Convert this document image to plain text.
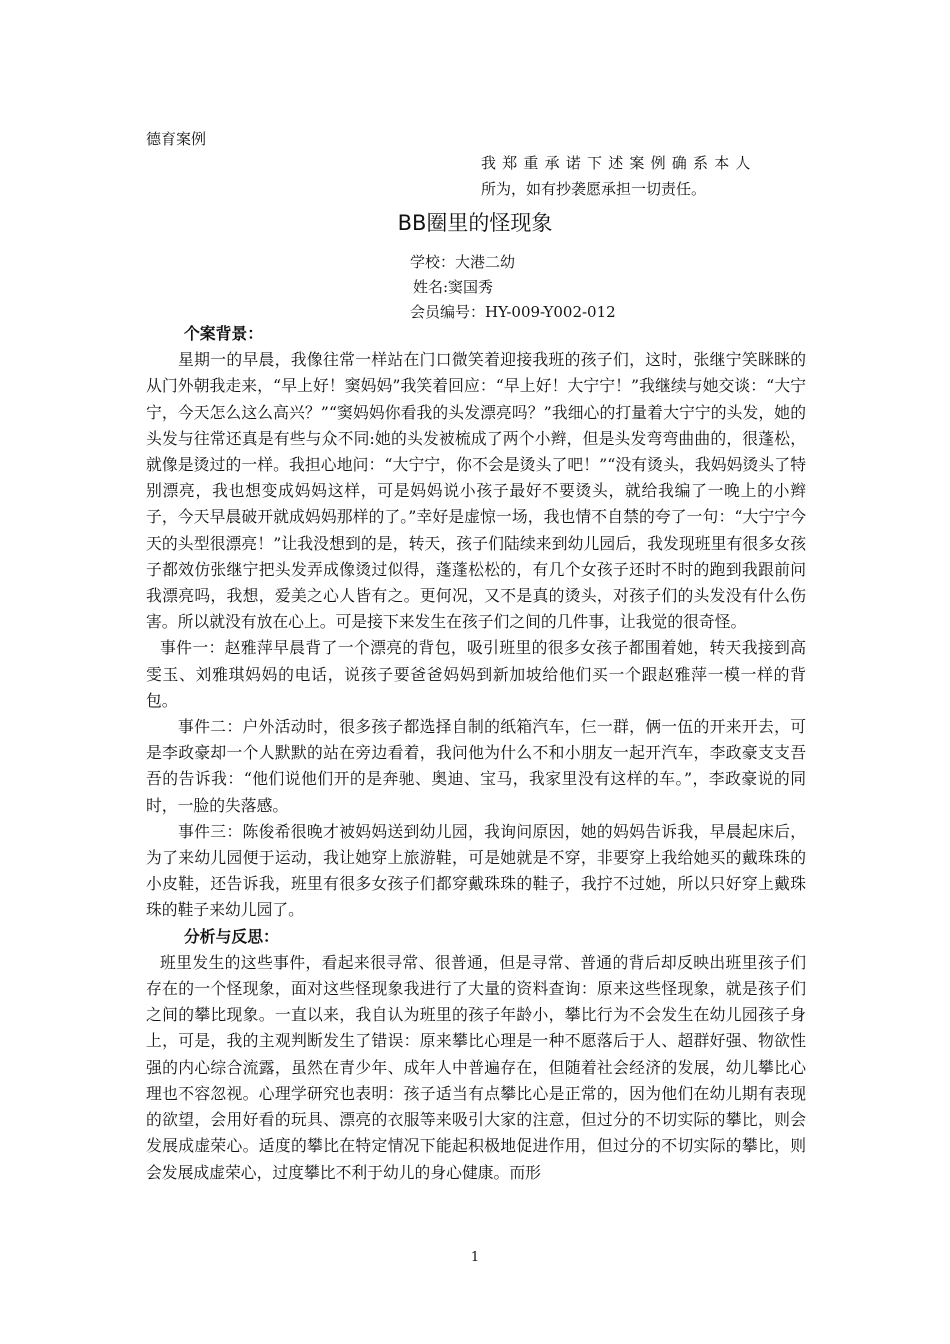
德育案例
我郑重承诺下述案例确系本人
所为，如有抄袭愿承担一切责任。
BB圈里的怪现象
学校：大港二幼
姓名:窦国秀
会员编号：HY-009-Y002-012

个案背景：

星期一的早晨，我像往常一样站在门口微笑着迎接我班的孩子们，这时，张继宁笑眯眯的从门外朝我走来，“早上好！窦妈妈”我笑着回应：“早上好！大宁宁！”我继续与她交谈：“大宁宁，今天怎么这么高兴？”“窦妈妈你看我的头发漂亮吗？”我细心的打量着大宁宁的头发，她的头发与往常还真是有些与众不同:她的头发被梳成了两个小辫，但是头发弯弯曲曲的，很蓬松，就像是烫过的一样。我担心地问：“大宁宁，你不会是烫头了吧！”“没有烫头，我妈妈烫头了特别漂亮，我也想变成妈妈这样，可是妈妈说小孩子最好不要烫头，就给我编了一晚上的小辫子，今天早晨破开就成妈妈那样的了。”幸好是虚惊一场，我也情不自禁的夸了一句：“大宁宁今天的头型很漂亮！”让我没想到的是，转天，孩子们陆续来到幼儿园后，我发现班里有很多女孩子都效仿张继宁把头发弄成像烫过似得，蓬蓬松松的，有几个女孩子还时不时的跑到我跟前问我漂亮吗，我想，爱美之心人皆有之。更何况，又不是真的烫头，对孩子们的头发没有什么伤害。所以就没有放在心上。可是接下来发生在孩子们之间的几件事，让我觉的很奇怪。

事件一：赵雅萍早晨背了一个漂亮的背包，吸引班里的很多女孩子都围着她，转天我接到高雯玉、刘雅琪妈妈的电话，说孩子要爸爸妈妈到新加坡给他们买一个跟赵雅萍一模一样的背包。

事件二：户外活动时，很多孩子都选择自制的纸箱汽车，仨一群，俩一伍的开来开去，可是李政豪却一个人默默的站在旁边看着，我问他为什么不和小朋友一起开汽车，李政豪支支吾吾的告诉我：“他们说他们开的是奔驰、奥迪、宝马，我家里没有这样的车。”，李政豪说的同时，一脸的失落感。

事件三：陈俊希很晚才被妈妈送到幼儿园，我询问原因，她的妈妈告诉我，早晨起床后，为了来幼儿园便于运动，我让她穿上旅游鞋，可是她就是不穿，非要穿上我给她买的戴珠珠的小皮鞋，还告诉我，班里有很多女孩子们都穿戴珠珠的鞋子，我拧不过她，所以只好穿上戴珠珠的鞋子来幼儿园了。

分析与反思：

班里发生的这些事件，看起来很寻常、很普通，但是寻常、普通的背后却反映出班里孩子们存在的一个怪现象，面对这些怪现象我进行了大量的资料查询：原来这些怪现象，就是孩子们之间的攀比现象。一直以来，我自认为班里的孩子年龄小，攀比行为不会发生在幼儿园孩子身上，可是，我的主观判断发生了错误：原来攀比心理是一种不愿落后于人、超群好强、物欲性强的内心综合流露，虽然在青少年、成年人中普遍存在，但随着社会经济的发展，幼儿攀比心理也不容忽视。心理学研究也表明：孩子适当有点攀比心是正常的，因为他们在幼儿期有表现的欲望，会用好看的玩具、漂亮的衣服等来吸引大家的注意，但过分的不切实际的攀比，则会发展成虚荣心。适度的攀比在特定情况下能起积极地促进作用，但过分的不切实际的攀比，则会发展成虚荣心，过度攀比不利于幼儿的身心健康。而形

1
